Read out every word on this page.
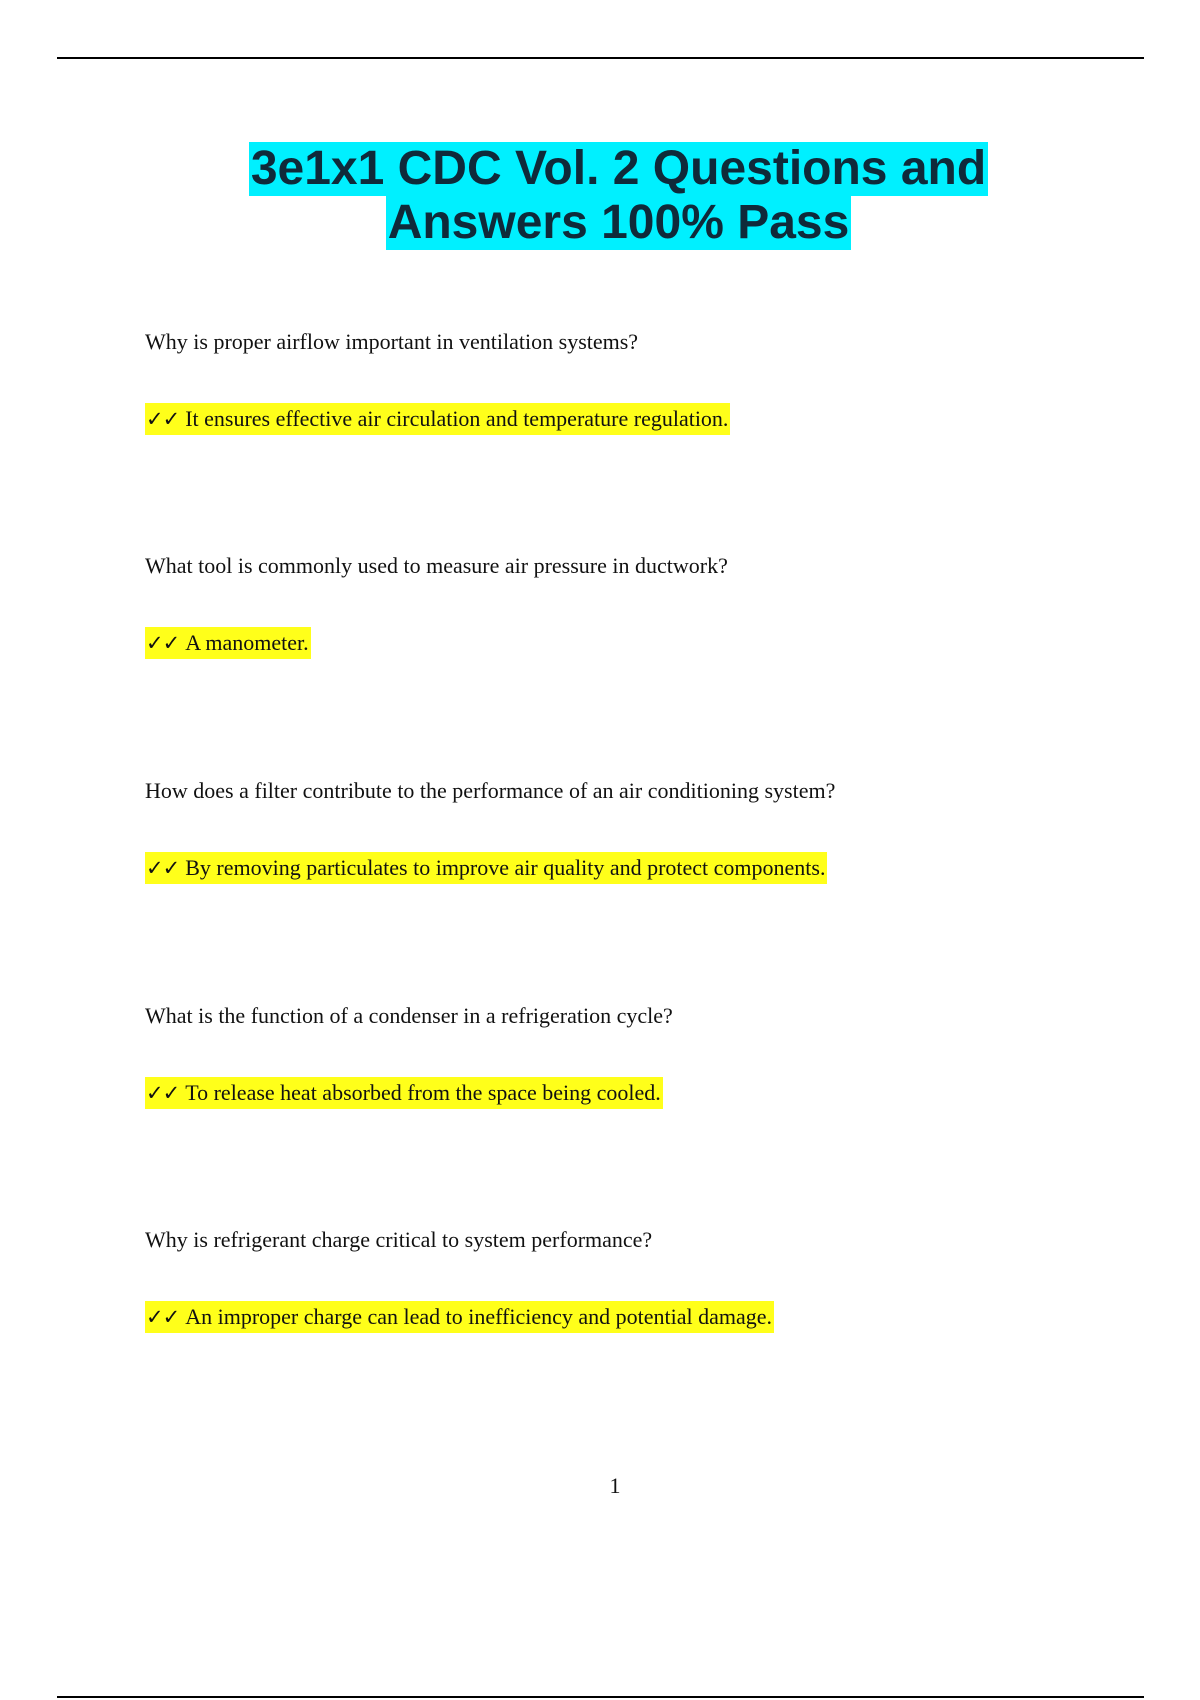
3e1x1 CDC Vol. 2 Questions and
Answers 100% Pass
Why is proper airflow important in ventilation systems?
✓✓ It ensures effective air circulation and temperature regulation.
What tool is commonly used to measure air pressure in ductwork?
✓✓ A manometer.
How does a filter contribute to the performance of an air conditioning system?
✓✓ By removing particulates to improve air quality and protect components.
What is the function of a condenser in a refrigeration cycle?
✓✓ To release heat absorbed from the space being cooled.
Why is refrigerant charge critical to system performance?
✓✓ An improper charge can lead to inefficiency and potential damage.
1
